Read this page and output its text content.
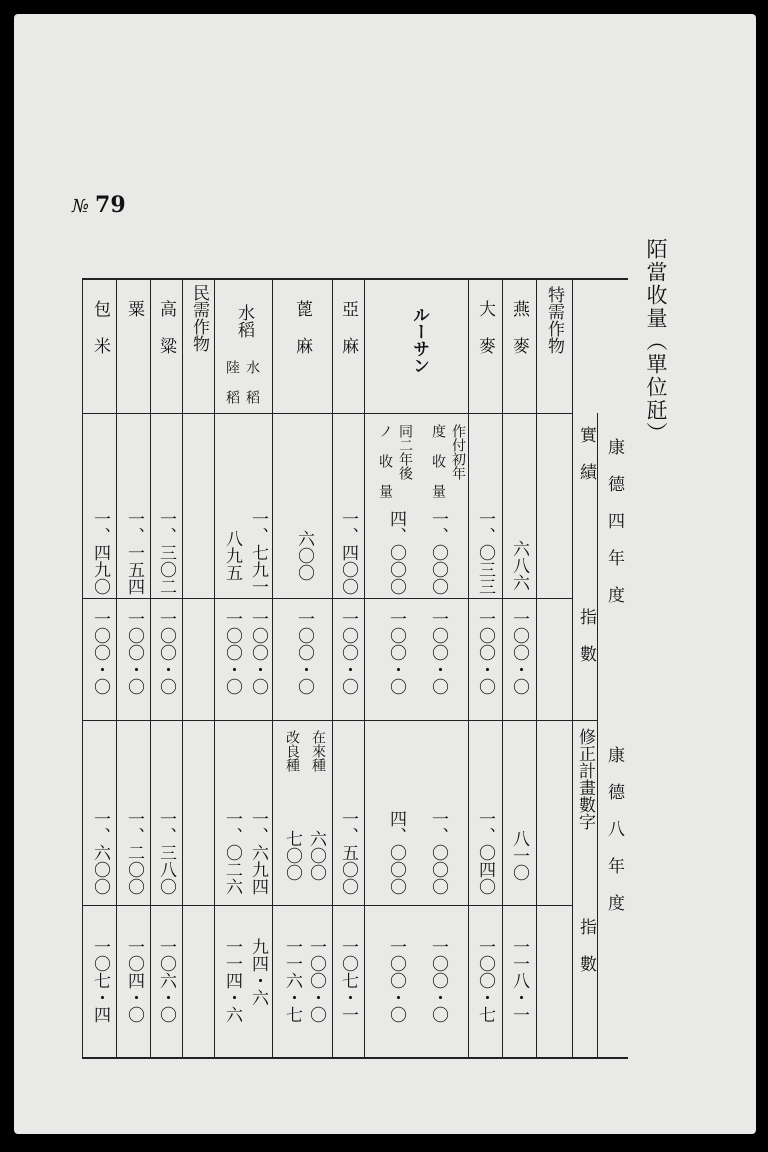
№ 79
陌當收量（單位瓩）
特需作物
民需作物	燕 麥
大 麥
ルーサン
亞 麻
蓖 麻
水稻
水 稻
陸 稻
高 粱
粟
包 米
康 德 四 年 度
康 德 八 年 度
實 績
指 數
修正計畫數字
指 數
作付初年
度 收 量
同二年後
ノ 收 量
在來種
改良種
六八六
一、〇三三
一、〇〇〇
四、〇〇〇
一、四〇〇
六〇〇
一、七九一
八九五
一、三〇二
一、一五四
一、四九〇
一〇〇・〇
一〇〇・〇
一〇〇・〇
一〇〇・〇
一〇〇・〇
一〇〇・〇
一〇〇・〇
一〇〇・〇
一〇〇・〇
一〇〇・〇
一〇〇・〇
八一〇
一、〇四〇
一、〇〇〇
四、〇〇〇
一、五〇〇
六〇〇
七〇〇
一、六九四
一、〇二六
一、三八〇
一、二〇〇
一、六〇〇
一一八・一
一〇〇・七
一〇〇・〇
一〇〇・〇
一〇七・一
一〇〇・〇
一一六・七
九四・六
一一四・六
一〇六・〇
一〇四・〇
一〇七・四
